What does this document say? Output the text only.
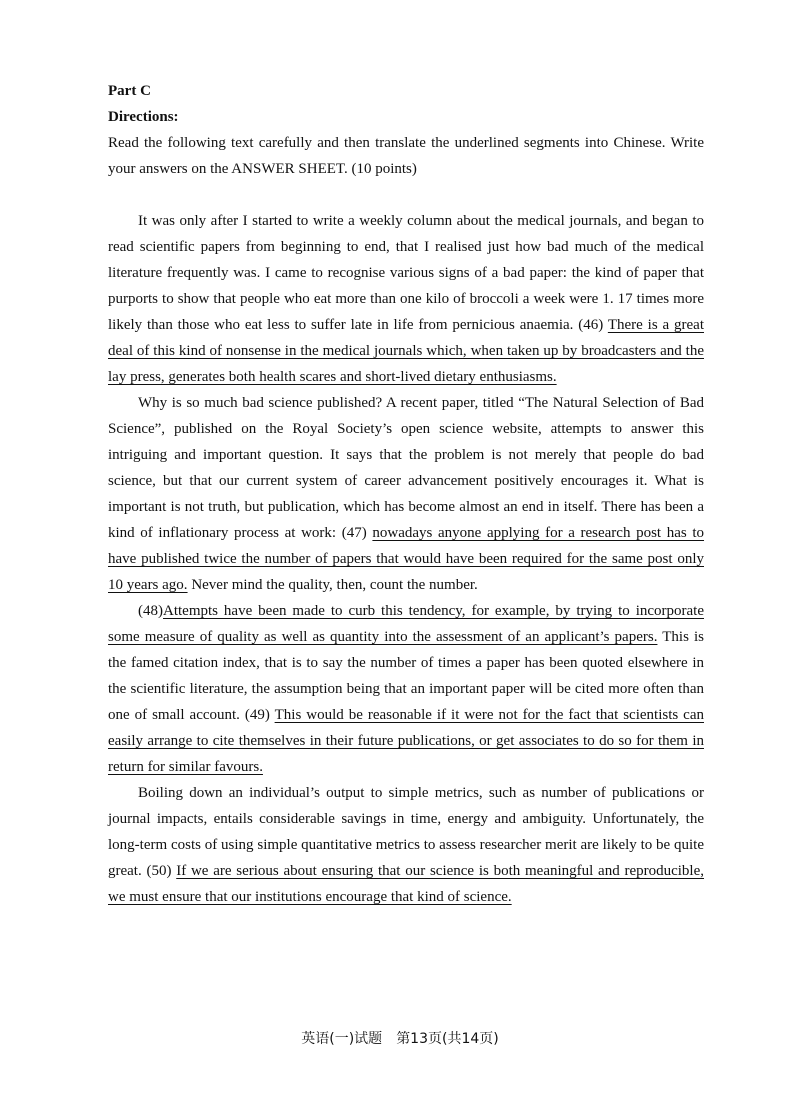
Part C

Directions:

Read the following text carefully and then translate the underlined segments into Chinese. Write your answers on the ANSWER SHEET. (10 points)

It was only after I started to write a weekly column about the medical journals, and began to read scientific papers from beginning to end, that I realised just how bad much of the medical literature frequently was. I came to recognise various signs of a bad paper: the kind of paper that purports to show that people who eat more than one kilo of broccoli a week were 1. 17 times more likely than those who eat less to suffer late in life from pernicious anaemia. (46) There is a great deal of this kind of nonsense in the medical journals which, when taken up by broadcasters and the lay press, generates both health scares and short-lived dietary enthusiasms.

Why is so much bad science published? A recent paper, titled “The Natural Selection of Bad Science”, published on the Royal Society’s open science website, attempts to answer this intriguing and important question. It says that the problem is not merely that people do bad science, but that our current system of career advancement positively encourages it. What is important is not truth, but publication, which has become almost an end in itself. There has been a kind of inflationary process at work: (47) nowadays anyone applying for a research post has to have published twice the number of papers that would have been required for the same post only 10 years ago. Never mind the quality, then, count the number.

(48)Attempts have been made to curb this tendency, for example, by trying to incorporate some measure of quality as well as quantity into the assessment of an applicant’s papers. This is the famed citation index, that is to say the number of times a paper has been quoted elsewhere in the scientific literature, the assumption being that an important paper will be cited more often than one of small account. (49) This would be reasonable if it were not for the fact that scientists can easily arrange to cite themselves in their future publications, or get associates to do so for them in return for similar favours.

Boiling down an individual’s output to simple metrics, such as number of publications or journal impacts, entails considerable savings in time, energy and ambiguity. Unfortunately, the long-term costs of using simple quantitative metrics to assess researcher merit are likely to be quite great. (50) If we are serious about ensuring that our science is both meaningful and reproducible, we must ensure that our institutions encourage that kind of science.

英语(一)试题 第13页(共14页)
